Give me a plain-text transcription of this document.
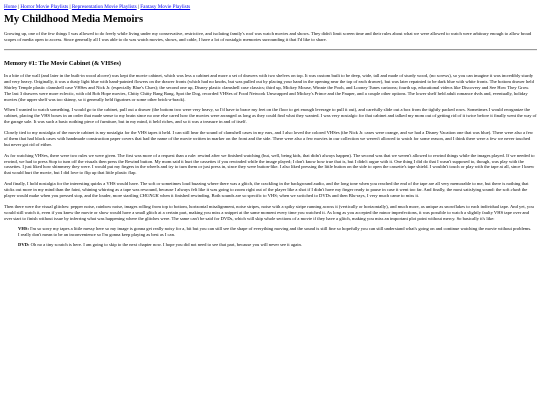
Home | Horror Movie Playlists | Representation Movie Playlists | Fantasy Movie Playlists
My Childhood Media Memoirs

Growing up, one of the few things I was allowed to do freely while living under my conservative, restrictive, and isolating family's roof was watch movies and shows. They didn't limit screen time and their rules about what we were allowed to watch were arbitrary enough to allow broad scopes of media open to access. Since generally all I was able to do was watch movies, shows, and cable, I have a lot of nostalgic memories surrounding it that I'd like to share.

Memory #1: The Movie Cabinet (& VHSes)

In a bite of the wall (and later in the built-in wood alcove) was kept the movie cabinet, which was less a cabinet and more a set of drawers with two shelves on top. It was custom built to be deep, wide, tall and made of sturdy wood, (no screws), so you can imagine it was incredibly sturdy and very heavy. Originally, it was a dusty light blue with hand-painted flowers on the drawer fronts (which had no knobs, but was pulled out by placing your hand in the opening near the top of each drawer), but was later repainted to be dark blue with white fronts. The bottom drawer held Shirley Temple plastic clamshell case VHSes and Nick Jr. (especially Blue's Clues); the second one up, Disney plastic clamshell case classics; third up, Mickey Mouse, Winnie the Pooh, and Looney Tunes cartoons; fourth up, educational videos like Discovery and See How They Grow. The last 3 drawers were more eclectic, with old Bob Hope movies, Chitty Chitty Bang Bang, Spot the Dog, recorded VHSes of Food Network Unwrapped and Mickey's Prince and the Pauper, and a couple other options. The lower shelf held adult romance dvds and, eventually, holiday movies (the upper shelf was too skinny, so it generally held figurines or some other brick-a-brack).

When I wanted to watch something, I would go to the cabinet, pull out a drawer (the bottom two were very heavy, so I'd have to brace my feet on the floor to get enough leverage to pull it out), and carefully slide out a box from the tightly packed rows. Sometimes I would reorganize the cabinet, placing the VHS boxes in an order that made sense to my brain since no one else cared how the movies were arranged as long as they could find what they wanted. I was very nostalgic for that cabinet and talked my mom out of getting rid of it twice before it finally went the way of the garage sale. It was such a basic nothing piece of furniture, but in my mind, it held riches, and so it was a treasure in and of itself.

Closely tied to my nostalgia of the movie cabinet is my nostalgia for the VHS tapes it held. I can still hear the sound of clamshell cases in my ears, and I also loved the colored VHSes (the Nick Jr. cases were orange, and we had a Disney Vacation one that was blue). There were also a few of them that had black cases with handmade construction paper covers that had the name of the movie written in marker on the front and the side. There were also a few movies in our collection we weren't allowed to watch for some reason, and I think there were a few we never touched but never got rid of either.

As for watching VHSes, there were two rules we were given. The first was more of a request than a rule: rewind after we finished watching (but, well, being kids, that didn't always happen). The second was that we weren't allowed to rewind things while the images played. If we needed to rewind, we had to press Stop to turn off the visuals then press the Rewind button. My mom said it hurt the cassettes if you rewinded while the image played; I don't know how true that is, but I didn't argue with it. One thing I did do that I wasn't supposed to, though, was play with the cassettes. I just liked how shimmery they were. I would put my fingers in the wheels and try to turn them or just press in, since they were button-like. I also liked pressing the little button on the side to open the cassette's tape shield. I wouldn't touch or play with the tape at all, since I knew that would hurt the movie, but I did love to flip up that little plastic flap.

And finally, I hold nostalgia for the interesting quirks a VHS would have. The soft or sometimes loud buzzing where there was a glitch, the crackling in the background audio, and the long tone when you reached the end of the tape are all very memorable to me, but there is nothing that sticks out more in my mind than the faint, whining whirring as a tape was rewound, because I always felt like it was going to zoom right out of the player like a shot if I didn't have my finger ready to pause in case it went too far. And finally, the most satisfying sound: the soft clunk the player would make when you pressed stop, and the louder, more startling CHUNGK when it finished rewinding. Both sounds are so specific to VHS; when we switched to DVDs and then Blu-rays, I very much came to miss it.

Then there were the visual glitches: pepper noise, rainbow noise, images rolling from top to bottom, horizontal misalignment, noise stripes, noise with a spiky stripe running across it (vertically or horizontally), and much more, as unique as snowflakes to each individual tape. And yet, you would still watch it, even if you knew the movie or show would have a small glitch at a certain part, making you miss a snippet at the same moment every time you watched it. As long as you accepted the minor imperfections, it was possible to watch a slightly faulty VHS tape over and over start to finish without issue by inferring what was happening where the glitches were. The same can't be said for DVDs, which will skip whole sections of a movie if they have a glitch, making you miss an important plot point without mercy. So basically it's like:

VHS: I'm so sorry my tapes a little messy here so my image is gonna get really noisy for a, bit but you can still see the shape of everything moving and the sound is still fine so hopefully you can still understand what's going on and continue watching the movie without problems. I really don't mean to be an inconvenience so I'm gonna keep playing as best as I can.

DVD: Oh no a tiny scratch is here. I am going to skip to the next chapter now. I hope you did not need to see that part, because you will never see it again.
